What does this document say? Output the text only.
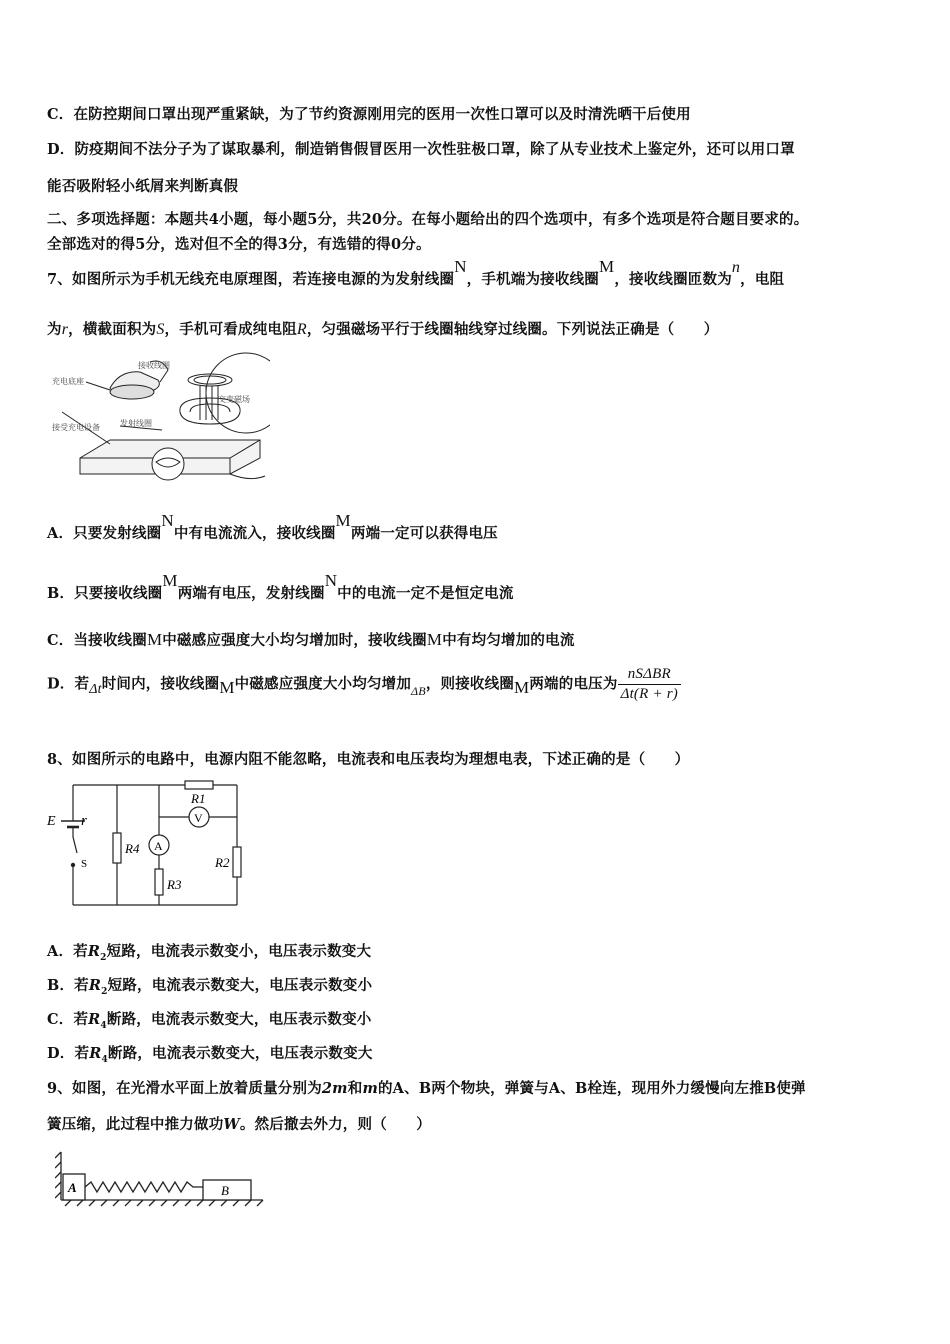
C．在防控期间口罩出现严重紧缺，为了节约资源刚用完的医用一次性口罩可以及时清洗晒干后使用
D．防疫期间不法分子为了谋取暴利，制造销售假冒医用一次性驻极口罩，除了从专业技术上鉴定外，还可以用口罩
能否吸附轻小纸屑来判断真假
二、多项选择题：本题共4小题，每小题5分，共20分。在每小题给出的四个选项中，有多个选项是符合题目要求的。
全部选对的得5分，选对但不全的得3分，有选错的得0分。
7、如图所示为手机无线充电原理图，若连接电源的为发射线圈N，手机端为接收线圈M，接收线圈匝数为n，电阻
为r，横截面积为S，手机可看成纯电阻R，匀强磁场平行于线圈轴线穿过线圈。下列说法正确是（　　）
充电底座
接收线圈
交变磁场
接受充电设备	发射线圈
A．只要发射线圈N中有电流流入，接收线圈M两端一定可以获得电压
B．只要接收线圈M两端有电压，发射线圈N中的电流一定不是恒定电流
C．当接收线圈M中磁感应强度大小均匀增加时，接收线圈M中有均匀增加的电流
D．若Δt时间内，接收线圈M中磁感应强度大小均匀增加$_{\Delta B}$，则接收线圈M两端的电压为 $\frac{\text{nSΔBR}}{\Delta t(R + r)}$
8、如图所示的电路中，电源内阻不能忽略，电流表和电压表均为理想电表，下述正确的是（　　）
E r
S
R1
R2
R3
R4 A
V
A．若$R_2$短路，电流表示数变小，电压表示数变大
B．若$R_2$短路，电流表示数变大，电压表示数变小
C．若$R_4$断路，电流表示数变大，电压表示数变小
D．若$R_4$断路，电流表示数变大，电压表示数变大
9、如图，在光滑水平面上放着质量分别为2m和m的A、B两个物块，弹簧与A、B栓连，现用外力缓慢向左推B使弹
簧压缩，此过程中推力做功W。然后撤去外力，则（　　）
A	B
